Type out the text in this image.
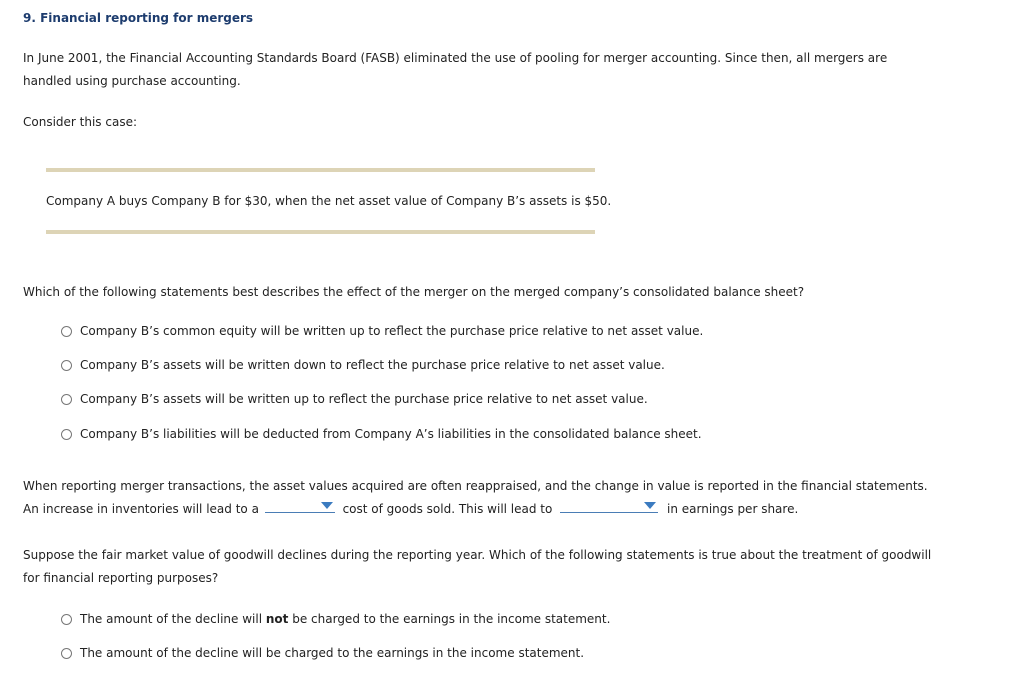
9. Financial reporting for mergers
In June 2001, the Financial Accounting Standards Board (FASB) eliminated the use of pooling for merger accounting. Since then, all mergers are
handled using purchase accounting.
Consider this case:
Company A buys Company B for $30, when the net asset value of Company B’s assets is $50.
Which of the following statements best describes the effect of the merger on the merged company’s consolidated balance sheet?
Company B’s common equity will be written up to reflect the purchase price relative to net asset value.
Company B’s assets will be written down to reflect the purchase price relative to net asset value.
Company B’s assets will be written up to reflect the purchase price relative to net asset value.
Company B’s liabilities will be deducted from Company A’s liabilities in the consolidated balance sheet.
When reporting merger transactions, the asset values acquired are often reappraised, and the change in value is reported in the financial statements.
An increase in inventories will lead to a	cost of goods sold. This will lead to	in earnings per share.
Suppose the fair market value of goodwill declines during the reporting year. Which of the following statements is true about the treatment of goodwill
for financial reporting purposes?
The amount of the decline will not be charged to the earnings in the income statement.
The amount of the decline will be charged to the earnings in the income statement.
